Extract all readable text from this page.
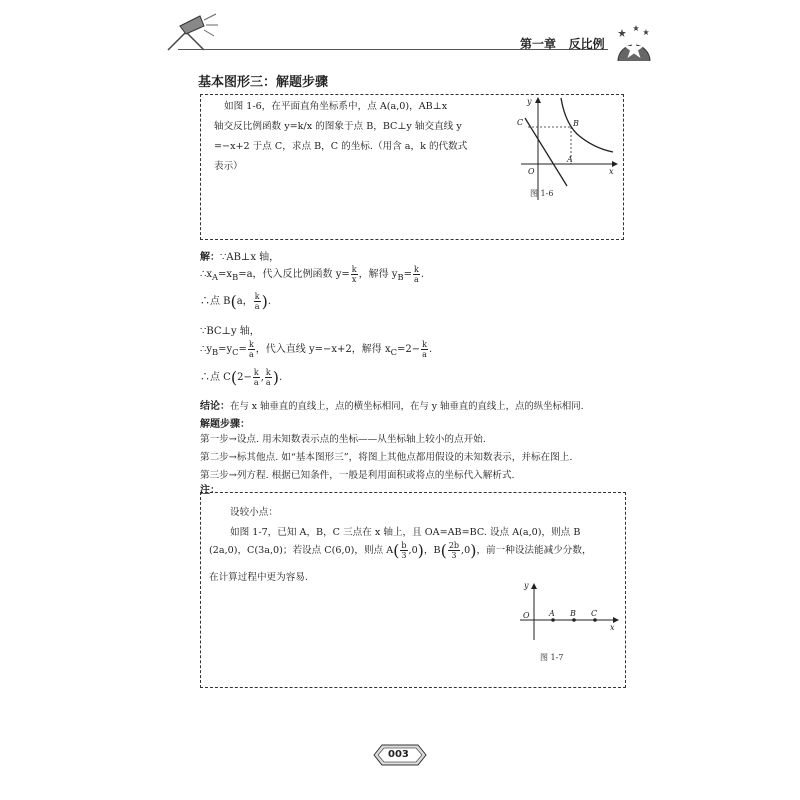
第一章 反比例
基本图形三：解题步骤
如图 1-6，在平面直角坐标系中，点 A(a,0)，AB⊥x
轴交反比例函数 y=k/x 的图象于点 B，BC⊥y 轴交直线 y
=−x+2 于点 C，求点 B，C 的坐标.（用含 a，k 的代数式
表示）
y
x
O
A
B
C
图 1-6
解：∵AB⊥x 轴，
$\therefore x_A=x_B=a$，代入反比例函数 $y= \frac{k}{x}$ ，解得 $y_B= \frac{k}{a}$ .
∴点 B(a， $\frac{k}{a}$ ).
∵BC⊥y 轴，
$\therefore y_B=y_C= \frac{k}{a}$ ，代入直线 y=−x+2，解得 $x_C=2- \frac{k}{a}$ .
∴点 $C(2- \frac{k}{a}$ , $\frac{k}{a}$ ).
结论：在与 x 轴垂直的直线上，点的横坐标相同，在与 y 轴垂直的直线上，点的纵坐标相同.
解题步骤：
第一步→设点. 用未知数表示点的坐标——从坐标轴上较小的点开始.
第二步→标其他点. 如“基本图形三”，将图上其他点都用假设的未知数表示，并标在图上.
第三步→列方程. 根据已知条件，一般是利用面积或将点的坐标代入解析式.
注：
设较小点：
如图 1-7，已知 A，B，C 三点在 x 轴上，且 OA=AB=BC. 设点 A(a,0)，则点 B
(2a,0)，C(3a,0)；若设点 C(6,0)，则点 $A( \frac{b}{3} ,0)$，$B( \frac{2b}{3} ,0)$，前一种设法能减少分数，
在计算过程中更为容易.
y
x
O A B C
图 1-7
003
